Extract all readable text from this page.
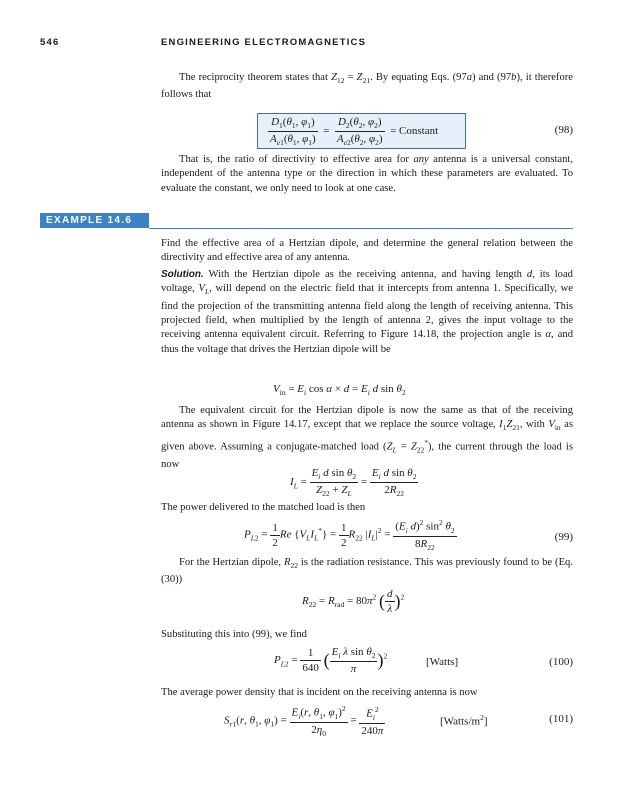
546	ENGINEERING ELECTROMAGNETICS

The reciprocity theorem states that $Z_{12} = Z_{21}$. By equating Eqs. (97a) and (97b), it therefore follows that

$\frac{D_1(\theta_1, \varphi_1)}{A_{e1}(\theta_1, \varphi_1)} = \frac{D_2(\theta_2, \varphi_2)}{A_{e2}(\theta_2, \varphi_2)}$ = Constant	(98)

That is, the ratio of directivity to effective area for any antenna is a universal constant, independent of the antenna type or the direction in which these parameters are evaluated. To evaluate the constant, we only need to look at one case.

EXAMPLE 14.6
Find the effective area of a Hertzian dipole, and determine the general relation between the directivity and effective area of any antenna.

Solution. With the Hertzian dipole as the receiving antenna, and having length d, its load voltage, $V_L$, will depend on the electric field that it intercepts from antenna 1. Specifically, we find the projection of the transmitting antenna field along the length of receiving antenna. This projected field, when multiplied by the length of antenna 2, gives the input voltage to the receiving antenna equivalent circuit. Referring to Figure 14.18, the projection angle is α, and thus the voltage that drives the Hertzian dipole will be

$V_{in} = E_i$ $\cos \alpha \times d = E_i$ d $\sin \theta_2$

The equivalent circuit for the Hertzian dipole is now the same as that of the receiving antenna as shown in Figure 14.17, except that we replace the source voltage, $I_1Z_{21}$, with $V_{in}$ as given above. Assuming a conjugate-matched load $(Z_L = Z_{22}^*)$, the current through the load is now

$I_L = \frac{E_i d \sin \theta_2}{Z_{22} + Z_L} = \frac{E_i d \sin \theta_2}{2R_{22}}$
The power delivered to the matched load is then
$P_{L2} = \frac{1}{2}$ Re $\{V_LI_L^*\} = \frac{1}{2} R_{22}$ $|I_L|^2 = \frac{(E_i d)^2 \sin^2 \theta_2}{8R_{22}}$	(99)

For the Hertzian dipole, $R_{22}$ is the radiation resistance. This was previously found to be (Eq. (30))

$R_{22} = R_{rad} = 80\pi^2$ ( $\frac{d}{\lambda} )^2$
Substituting this into (99), we find
$P_{L2} = \frac{1}{640}$ ( $\frac{E_i \lambda \sin \theta_2}{\pi} )^2$
[Watts]	(100)
The average power density that is incident on the receiving antenna is now
$S_{r1}(r$, $\theta_1$, $\varphi_1) = \frac{E_i(r, \theta_1, \varphi_1)^2}{2\eta_0} = \frac{E_i^2}{240\pi}$	$[Watts/m^2]$	(101)
